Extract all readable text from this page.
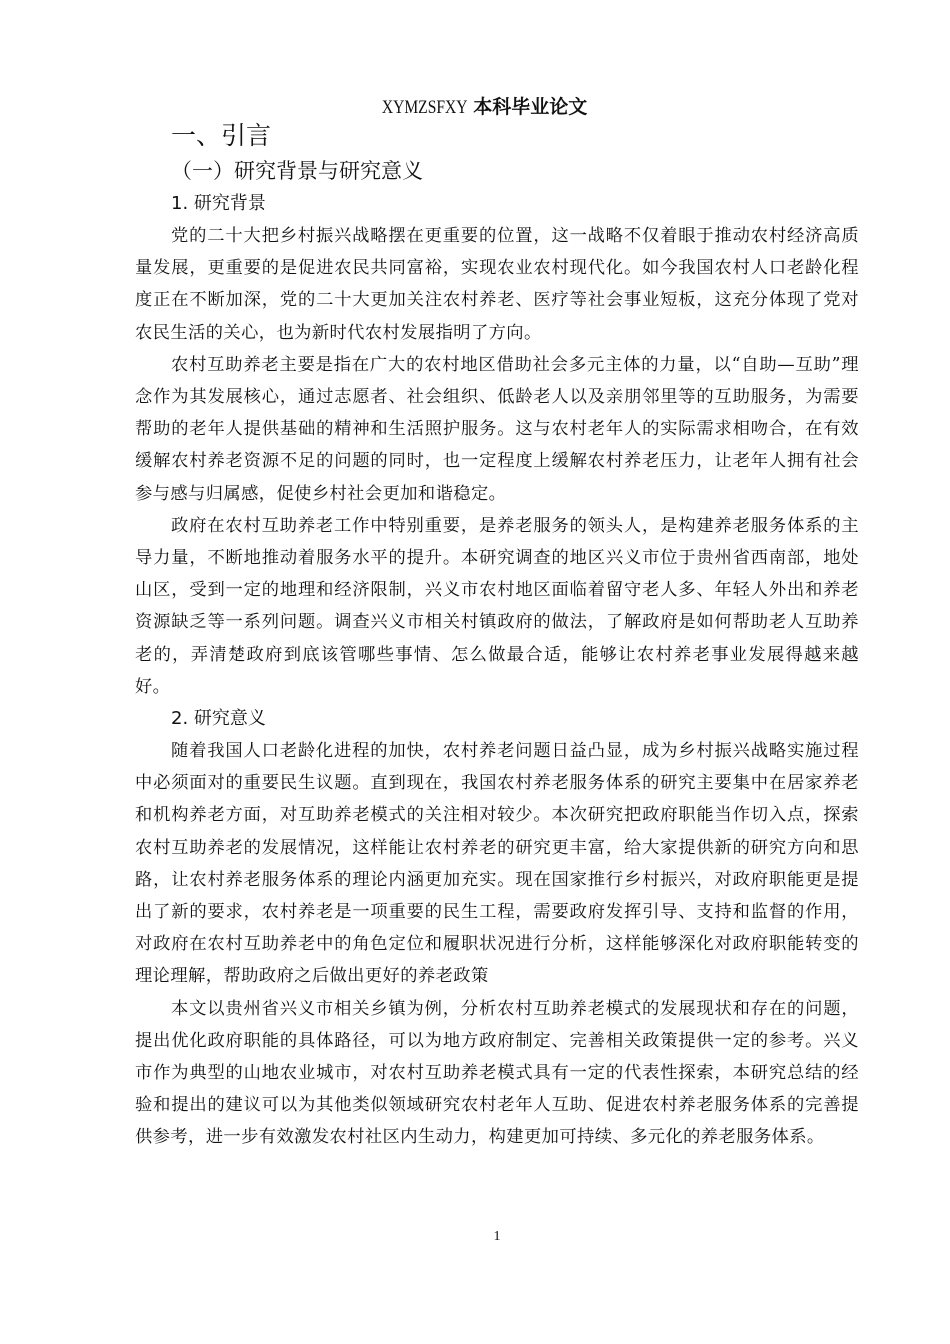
XYMZSFXY 本科毕业论文
一、引言
（一）研究背景与研究意义
1. 研究背景

党的二十大把乡村振兴战略摆在更重要的位置，这一战略不仅着眼于推动农村经济高质量发展，更重要的是促进农民共同富裕，实现农业农村现代化。如今我国农村人口老龄化程度正在不断加深，党的二十大更加关注农村养老、医疗等社会事业短板，这充分体现了党对农民生活的关心，也为新时代农村发展指明了方向。

农村互助养老主要是指在广大的农村地区借助社会多元主体的力量，以“自助—互助”理念作为其发展核心，通过志愿者、社会组织、低龄老人以及亲朋邻里等的互助服务，为需要帮助的老年人提供基础的精神和生活照护服务。这与农村老年人的实际需求相吻合，在有效缓解农村养老资源不足的问题的同时，也一定程度上缓解农村养老压力，让老年人拥有社会参与感与归属感，促使乡村社会更加和谐稳定。

政府在农村互助养老工作中特别重要，是养老服务的领头人，是构建养老服务体系的主导力量，不断地推动着服务水平的提升。本研究调查的地区兴义市位于贵州省西南部，地处山区，受到一定的地理和经济限制，兴义市农村地区面临着留守老人多、年轻人外出和养老资源缺乏等一系列问题。调查兴义市相关村镇政府的做法，了解政府是如何帮助老人互助养老的，弄清楚政府到底该管哪些事情、怎么做最合适，能够让农村养老事业发展得越来越好。

2. 研究意义

随着我国人口老龄化进程的加快，农村养老问题日益凸显，成为乡村振兴战略实施过程中必须面对的重要民生议题。直到现在，我国农村养老服务体系的研究主要集中在居家养老和机构养老方面，对互助养老模式的关注相对较少。本次研究把政府职能当作切入点，探索农村互助养老的发展情况，这样能让农村养老的研究更丰富，给大家提供新的研究方向和思路，让农村养老服务体系的理论内涵更加充实。现在国家推行乡村振兴，对政府职能更是提出了新的要求，农村养老是一项重要的民生工程，需要政府发挥引导、支持和监督的作用，对政府在农村互助养老中的角色定位和履职状况进行分析，这样能够深化对政府职能转变的理论理解，帮助政府之后做出更好的养老政策

本文以贵州省兴义市相关乡镇为例，分析农村互助养老模式的发展现状和存在的问题，提出优化政府职能的具体路径，可以为地方政府制定、完善相关政策提供一定的参考。兴义市作为典型的山地农业城市，对农村互助养老模式具有一定的代表性探索，本研究总结的经验和提出的建议可以为其他类似领域研究农村老年人互助、促进农村养老服务体系的完善提供参考，进一步有效激发农村社区内生动力，构建更加可持续、多元化的养老服务体系。

1
